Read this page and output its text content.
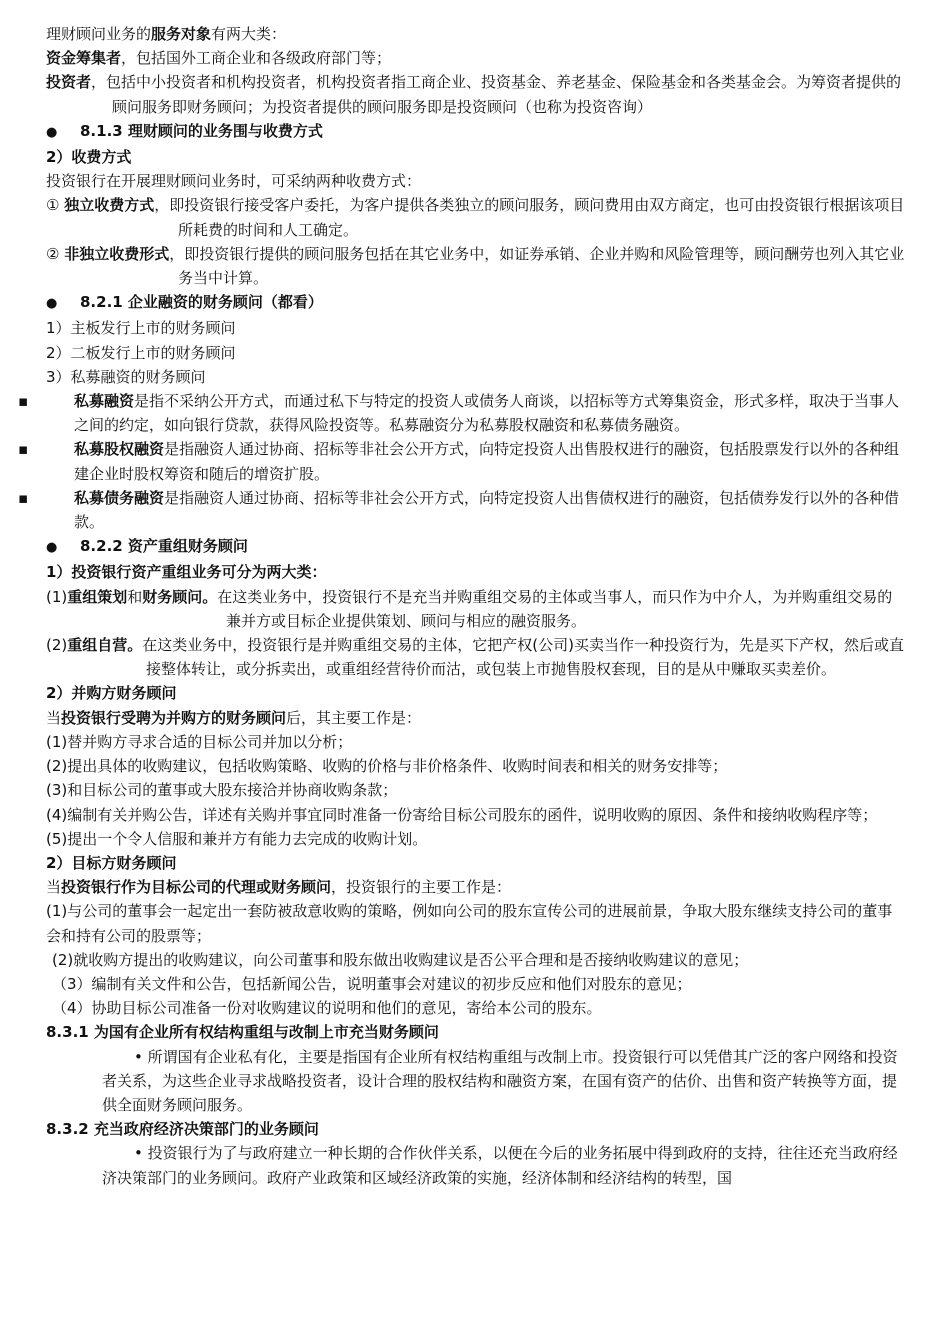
理财顾问业务的服务对象有两大类：

资金筹集者，包括国外工商企业和各级政府部门等；

投资者，包括中小投资者和机构投资者，机构投资者指工商企业、投资基金、养老基金、保险基金和各类基金会。为筹资者提供的顾问服务即财务顾问；为投资者提供的顾问服务即是投资顾问（也称为投资咨询）

● 8.1.3 理财顾问的业务围与收费方式

2）收费方式

投资银行在开展理财顾问业务时，可采纳两种收费方式：

① 独立收费方式，即投资银行接受客户委托，为客户提供各类独立的顾问服务，顾问费用由双方商定，也可由投资银行根据该项目所耗费的时间和人工确定。

② 非独立收费形式，即投资银行提供的顾问服务包括在其它业务中，如证券承销、企业并购和风险管理等，顾问酬劳也列入其它业务当中计算。

● 8.2.1 企业融资的财务顾问（都看）

1）主板发行上市的财务顾问

2）二板发行上市的财务顾问

3）私募融资的财务顾问

▪	私募融资是指不采纳公开方式，而通过私下与特定的投资人或债务人商谈，以招标等方式筹集资金，形式多样，取决于当事人之间的约定，如向银行贷款，获得风险投资等。私募融资分为私募股权融资和私募债务融资。

▪	私募股权融资是指融资人通过协商、招标等非社会公开方式，向特定投资人出售股权进行的融资，包括股票发行以外的各种组建企业时股权筹资和随后的增资扩股。

▪	私募债务融资是指融资人通过协商、招标等非社会公开方式，向特定投资人出售债权进行的融资，包括债券发行以外的各种借款。

● 8.2.2 资产重组财务顾问

1）投资银行资产重组业务可分为两大类：

(1)重组策划和财务顾问。在这类业务中，投资银行不是充当并购重组交易的主体或当事人，而只作为中介人，为并购重组交易的兼并方或目标企业提供策划、顾问与相应的融资服务。

(2)重组自营。在这类业务中，投资银行是并购重组交易的主体，它把产权(公司)买卖当作一种投资行为，先是买下产权，然后或直接整体转让，或分拆卖出，或重组经营待价而沽，或包装上市抛售股权套现，目的是从中赚取买卖差价。

2）并购方财务顾问

当投资银行受聘为并购方的财务顾问后，其主要工作是：

(1)替并购方寻求合适的目标公司并加以分析；

(2)提出具体的收购建议，包括收购策略、收购的价格与非价格条件、收购时间表和相关的财务安排等；

(3)和目标公司的董事或大股东接洽并协商收购条款；

(4)编制有关并购公告，详述有关购并事宜同时准备一份寄给目标公司股东的函件，说明收购的原因、条件和接纳收购程序等；

(5)提出一个令人信服和兼并方有能力去完成的收购计划。

2）目标方财务顾问

当投资银行作为目标公司的代理或财务顾问，投资银行的主要工作是：

(1)与公司的董事会一起定出一套防被敌意收购的策略，例如向公司的股东宣传公司的进展前景，争取大股东继续支持公司的董事会和持有公司的股票等；

(2)就收购方提出的收购建议，向公司董事和股东做出收购建议是否公平合理和是否接纳收购建议的意见；

（3）编制有关文件和公告，包括新闻公告，说明董事会对建议的初步反应和他们对股东的意见；

（4）协助目标公司准备一份对收购建议的说明和他们的意见，寄给本公司的股东。

8.3.1 为国有企业所有权结构重组与改制上市充当财务顾问

• 所谓国有企业私有化，主要是指国有企业所有权结构重组与改制上市。投资银行可以凭借其广泛的客户网络和投资者关系，为这些企业寻求战略投资者，设计合理的股权结构和融资方案，在国有资产的估价、出售和资产转换等方面，提供全面财务顾问服务。

8.3.2 充当政府经济决策部门的业务顾问

• 投资银行为了与政府建立一种长期的合作伙伴关系，以便在今后的业务拓展中得到政府的支持，往往还充当政府经济决策部门的业务顾问。政府产业政策和区域经济政策的实施，经济体制和经济结构的转型，国
